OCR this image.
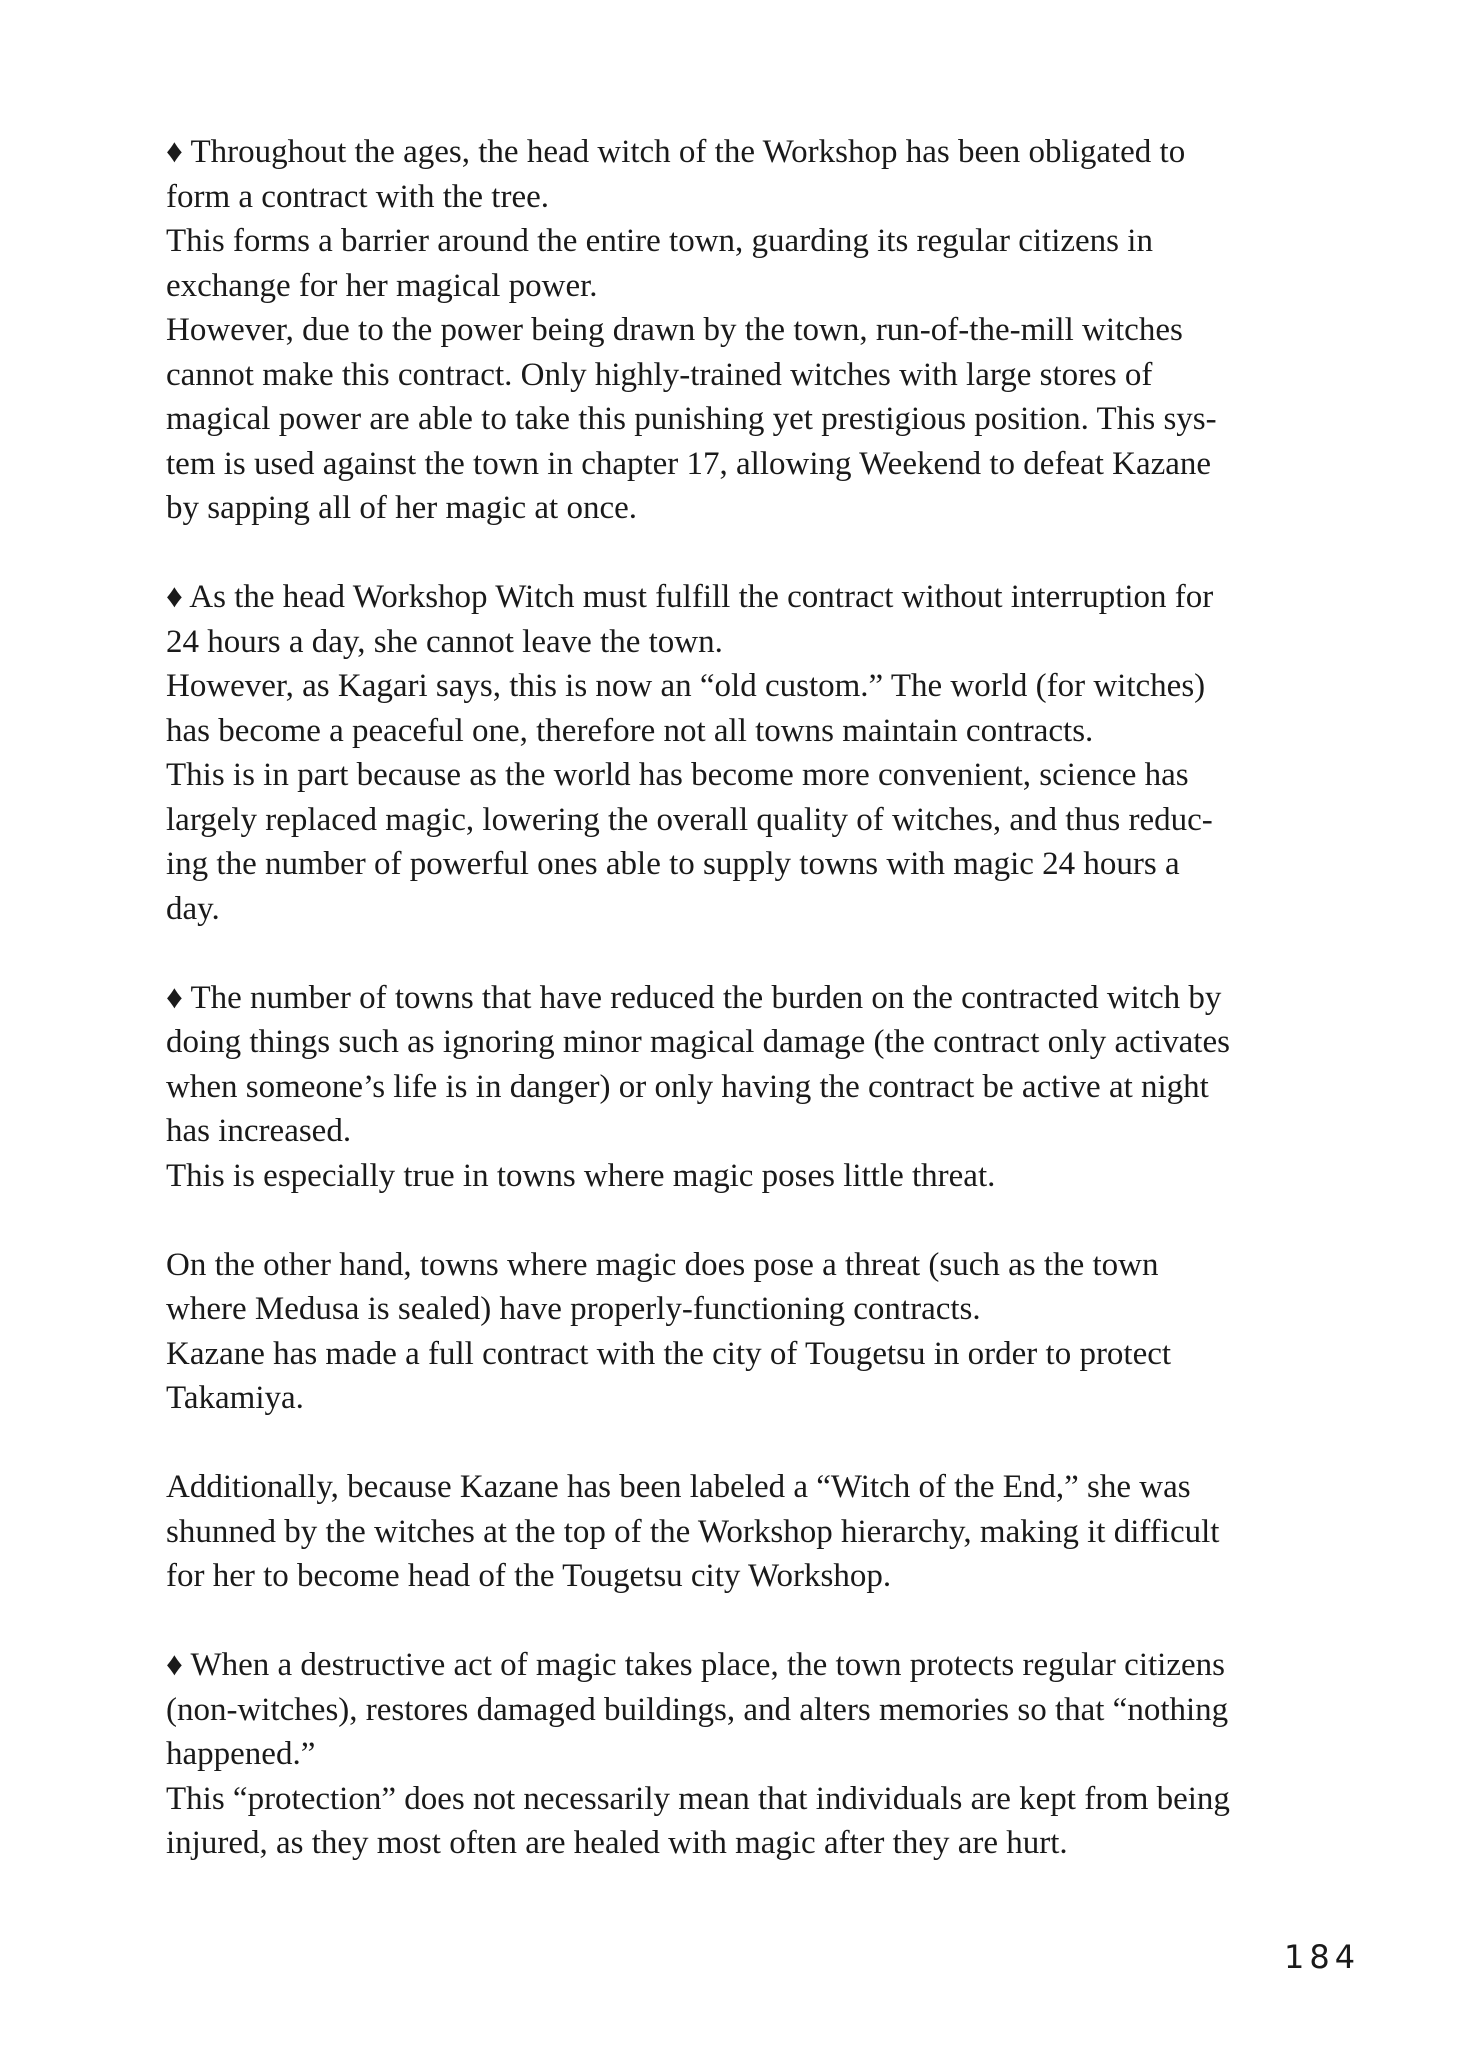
♦ Throughout the ages, the head witch of the Workshop has been obligated to
form a contract with the tree.
This forms a barrier around the entire town, guarding its regular citizens in
exchange for her magical power.
However, due to the power being drawn by the town, run-of-the-mill witches
cannot make this contract. Only highly-trained witches with large stores of
magical power are able to take this punishing yet prestigious position. This sys-
tem is used against the town in chapter 17, allowing Weekend to defeat Kazane
by sapping all of her magic at once.
♦ As the head Workshop Witch must fulfill the contract without interruption for
24 hours a day, she cannot leave the town.
However, as Kagari says, this is now an “old custom.” The world (for witches)
has become a peaceful one, therefore not all towns maintain contracts.
This is in part because as the world has become more convenient, science has
largely replaced magic, lowering the overall quality of witches, and thus reduc-
ing the number of powerful ones able to supply towns with magic 24 hours a
day.
♦ The number of towns that have reduced the burden on the contracted witch by
doing things such as ignoring minor magical damage (the contract only activates
when someone’s life is in danger) or only having the contract be active at night
has increased.
This is especially true in towns where magic poses little threat.
On the other hand, towns where magic does pose a threat (such as the town
where Medusa is sealed) have properly-functioning contracts.
Kazane has made a full contract with the city of Tougetsu in order to protect
Takamiya.
Additionally, because Kazane has been labeled a “Witch of the End,” she was
shunned by the witches at the top of the Workshop hierarchy, making it difficult
for her to become head of the Tougetsu city Workshop.
♦ When a destructive act of magic takes place, the town protects regular citizens
(non-witches), restores damaged buildings, and alters memories so that “nothing
happened.”
This “protection” does not necessarily mean that individuals are kept from being
injured, as they most often are healed with magic after they are hurt.
184
